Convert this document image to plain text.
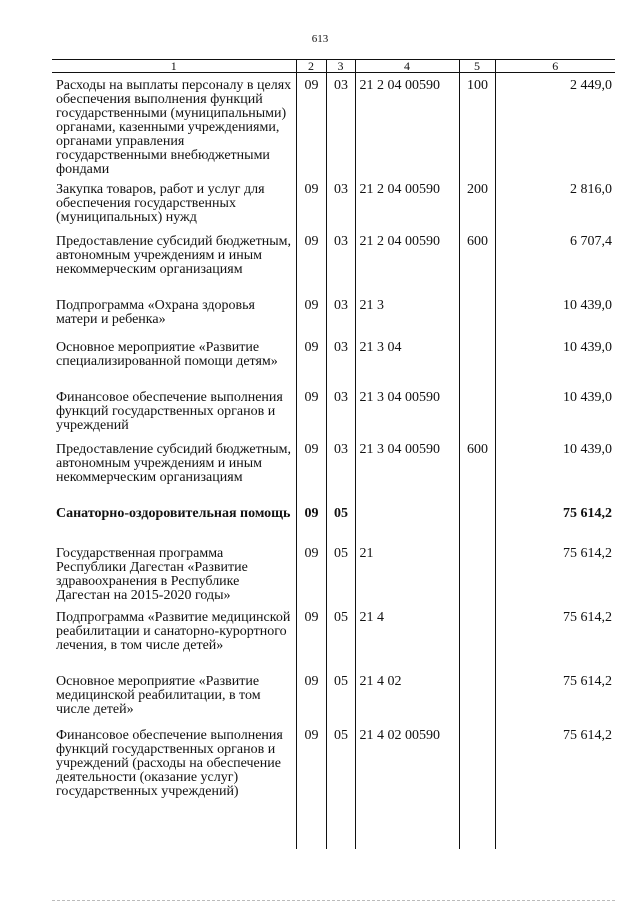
613
1	2	3	4	5	6
Расходы на выплаты персоналу в целях обеспечения выполнения функций государственными (муниципальными) органами, казенными учреждениями, органами управления государственными внебюджетными фондами	09	03	21 2 04 00590	100	2 449,0
Закупка товаров, работ и услуг для обеспечения государственных (муниципальных) нужд	09	03	21 2 04 00590	200	2 816,0
Предоставление субсидий бюджетным, автономным учреждениям и иным некоммерческим организациям	09	03	21 2 04 00590	600	6 707,4
Подпрограмма «Охрана здоровья матери и ребенка»	09	03	21 3		10 439,0
Основное мероприятие «Развитие специализированной помощи детям»	09	03	21 3 04		10 439,0
Финансовое обеспечение выполнения функций государственных органов и учреждений	09	03	21 3 04 00590		10 439,0
Предоставление субсидий бюджетным, автономным учреждениям и иным некоммерческим организациям	09	03	21 3 04 00590	600	10 439,0
Санаторно-оздоровительная помощь	09	05			75 614,2
Государственная программа Республики Дагестан «Развитие здравоохранения в Республике Дагестан на 2015-2020 годы»	09	05	21		75 614,2
Подпрограмма «Развитие медицинской реабилитации и санаторно-курортного лечения, в том числе детей»	09	05	21 4		75 614,2
Основное мероприятие «Развитие медицинской реабилитации, в том числе детей»	09	05	21 4 02		75 614,2
Финансовое обеспечение выполнения функций государственных органов и учреждений (расходы на обеспечение деятельности (оказание услуг) государственных учреждений)	09	05	21 4 02 00590		75 614,2
